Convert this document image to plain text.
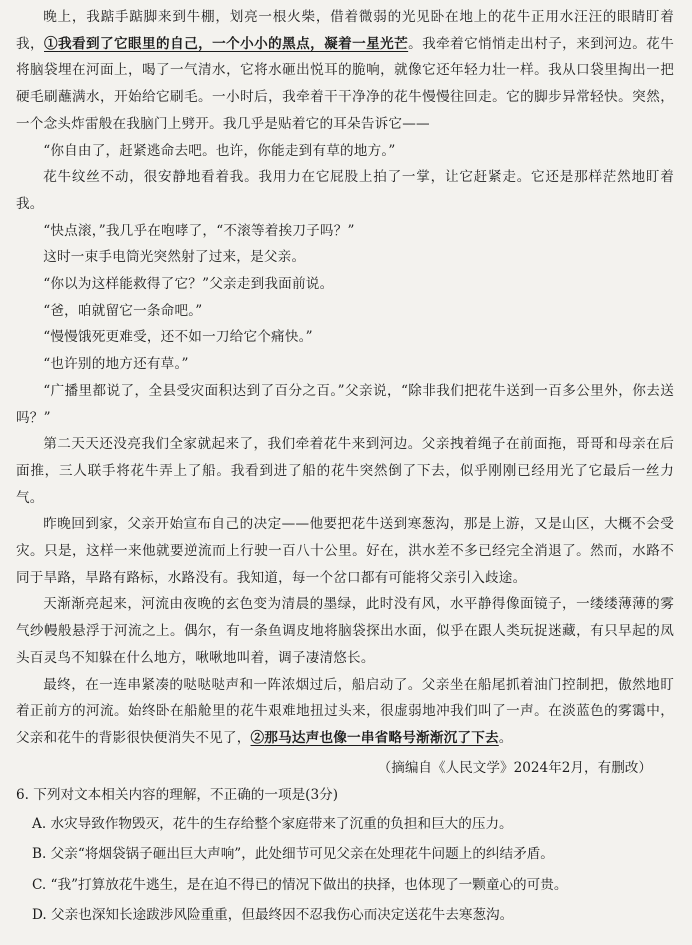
晚上，我踮手踮脚来到牛棚，划亮一根火柴，借着微弱的光见卧在地上的花牛正用水汪汪的眼睛盯着我，①我看到了它眼里的自己，一个小小的黑点，凝着一星光芒。我牵着它悄悄走出村子，来到河边。花牛将脑袋埋在河面上，喝了一气清水，它将水砸出悦耳的脆响，就像它还年轻力壮一样。我从口袋里掏出一把硬毛刷蘸满水，开始给它刷毛。一小时后，我牵着干干净净的花牛慢慢往回走。它的脚步异常轻快。突然，一个念头炸雷般在我脑门上劈开。我几乎是贴着它的耳朵告诉它——

“你自由了，赶紧逃命去吧。也许，你能走到有草的地方。”

花牛纹丝不动，很安静地看着我。我用力在它屁股上拍了一掌，让它赶紧走。它还是那样茫然地盯着我。

“快点滚，”我几乎在咆哮了，“不滚等着挨刀子吗？”

这时一束手电筒光突然射了过来，是父亲。

“你以为这样能救得了它？”父亲走到我面前说。

“爸，咱就留它一条命吧。”

“慢慢饿死更难受，还不如一刀给它个痛快。”

“也许别的地方还有草。”

“广播里都说了，全县受灾面积达到了百分之百。”父亲说，“除非我们把花牛送到一百多公里外，你去送吗？”

第二天天还没亮我们全家就起来了，我们牵着花牛来到河边。父亲拽着绳子在前面拖，哥哥和母亲在后面推，三人联手将花牛弄上了船。我看到进了船的花牛突然倒了下去，似乎刚刚已经用光了它最后一丝力气。

昨晚回到家，父亲开始宣布自己的决定——他要把花牛送到寒葱沟，那是上游，又是山区，大概不会受灾。只是，这样一来他就要逆流而上行驶一百八十公里。好在，洪水差不多已经完全消退了。然而，水路不同于旱路，旱路有路标，水路没有。我知道，每一个岔口都有可能将父亲引入歧途。

天渐渐亮起来，河流由夜晚的玄色变为清晨的墨绿，此时没有风，水平静得像面镜子，一缕缕薄薄的雾气纱幔般悬浮于河流之上。偶尔，有一条鱼调皮地将脑袋探出水面，似乎在跟人类玩捉迷藏，有只早起的凤头百灵鸟不知躲在什么地方，啾啾地叫着，调子凄清悠长。

最终，在一连串紧凑的哒哒哒声和一阵浓烟过后，船启动了。父亲坐在船尾抓着油门控制把，傲然地盯着正前方的河流。始终卧在船舱里的花牛艰难地扭过头来，很虚弱地冲我们叫了一声。在淡蓝色的雾霭中，父亲和花牛的背影很快便消失不见了，②那马达声也像一串省略号渐渐沉了下去。

（摘编自《人民文学》2024年2月，有删改）
6. 下列对文本相关内容的理解，不正确的一项是(3分)
A. 水灾导致作物毁灭，花牛的生存给整个家庭带来了沉重的负担和巨大的压力。
B. 父亲“将烟袋锅子砸出巨大声响”，此处细节可见父亲在处理花牛问题上的纠结矛盾。
C. “我”打算放花牛逃生，是在迫不得已的情况下做出的抉择，也体现了一颗童心的可贵。
D. 父亲也深知长途跋涉风险重重，但最终因不忍我伤心而决定送花牛去寒葱沟。
